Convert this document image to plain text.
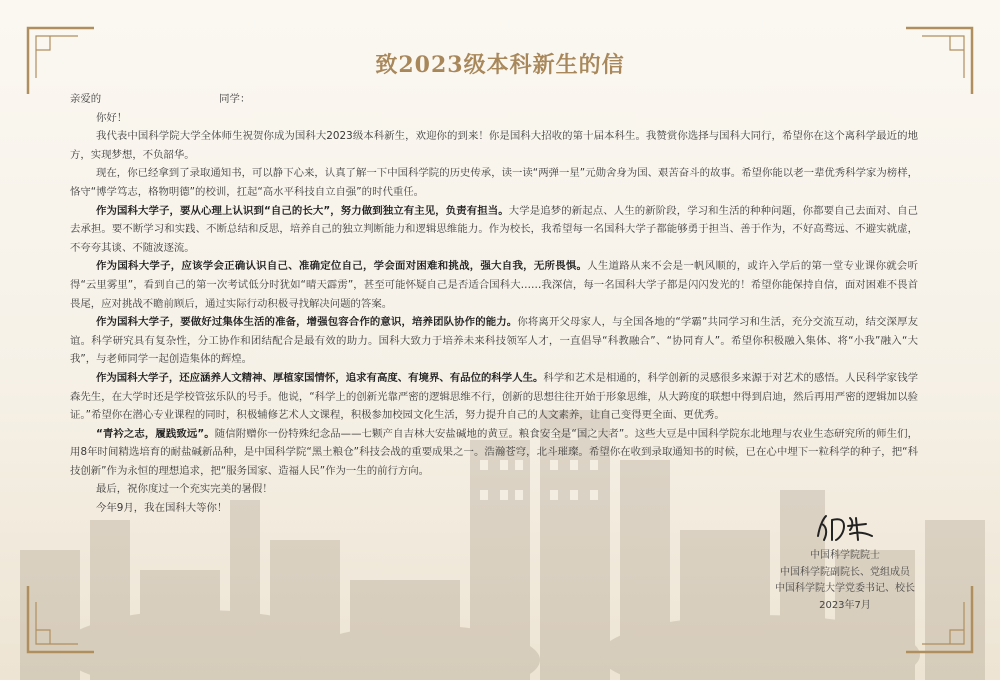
致2023级本科新生的信

亲爱的	同学：

你好！

我代表中国科学院大学全体师生祝贺你成为国科大2023级本科新生，欢迎你的到来！你是国科大招收的第十届本科生。我赞赏你选择与国科大同行，希望你在这个离科学最近的地方，实现梦想，不负韶华。

现在，你已经拿到了录取通知书，可以静下心来，认真了解一下中国科学院的历史传承，读一读“两弹一星”元勋舍身为国、艰苦奋斗的故事。希望你能以老一辈优秀科学家为榜样，恪守“博学笃志，格物明德”的校训，扛起“高水平科技自立自强”的时代重任。

作为国科大学子，要从心理上认识到“自己的长大”，努力做到独立有主见，负责有担当。大学是追梦的新起点、人生的新阶段，学习和生活的种种问题，你都要自己去面对、自己去承担。要不断学习和实践、不断总结和反思，培养自己的独立判断能力和逻辑思维能力。作为校长，我希望每一名国科大学子都能够勇于担当、善于作为，不好高骛远、不避实就虚，不夸夸其谈、不随波逐流。

作为国科大学子，应该学会正确认识自己、准确定位自己，学会面对困难和挑战，强大自我，无所畏惧。人生道路从来不会是一帆风顺的，或许入学后的第一堂专业课你就会听得“云里雾里”，看到自己的第一次考试低分时犹如“晴天霹雳”，甚至可能怀疑自己是否适合国科大……我深信，每一名国科大学子都是闪闪发光的！希望你能保持自信，面对困难不畏首畏尾，应对挑战不瞻前顾后，通过实际行动积极寻找解决问题的答案。

作为国科大学子，要做好过集体生活的准备，增强包容合作的意识，培养团队协作的能力。你将离开父母家人，与全国各地的“学霸”共同学习和生活，充分交流互动，结交深厚友谊。科学研究具有复杂性，分工协作和团结配合是最有效的助力。国科大致力于培养未来科技领军人才，一直倡导“科教融合”、“协同育人”。希望你积极融入集体、将“小我”融入“大我”，与老师同学一起创造集体的辉煌。

作为国科大学子，还应涵养人文精神、厚植家国情怀，追求有高度、有境界、有品位的科学人生。科学和艺术是相通的，科学创新的灵感很多来源于对艺术的感悟。人民科学家钱学森先生，在大学时还是学校管弦乐队的号手。他说，“科学上的创新光靠严密的逻辑思维不行，创新的思想往往开始于形象思维，从大跨度的联想中得到启迪，然后再用严密的逻辑加以验证。”希望你在潜心专业课程的同时，积极辅修艺术人文课程，积极参加校园文化生活，努力提升自己的人文素养，让自己变得更全面、更优秀。

“青衿之志，履践致远”。随信附赠你一份特殊纪念品——七颗产自吉林大安盐碱地的黄豆。粮食安全是“国之大者”。这些大豆是中国科学院东北地理与农业生态研究所的师生们，用8年时间精选培育的耐盐碱新品种，是中国科学院“黑土粮仓”科技会战的重要成果之一。浩瀚苍穹，北斗璀璨。希望你在收到录取通知书的时候，已在心中埋下一粒科学的种子，把“科技创新”作为永恒的理想追求，把“服务国家、造福人民”作为一生的前行方向。

最后，祝你度过一个充实完美的暑假！

今年9月，我在国科大等你！

中国科学院院士
中国科学院副院长、党组成员
中国科学院大学党委书记、校长
2023年7月
